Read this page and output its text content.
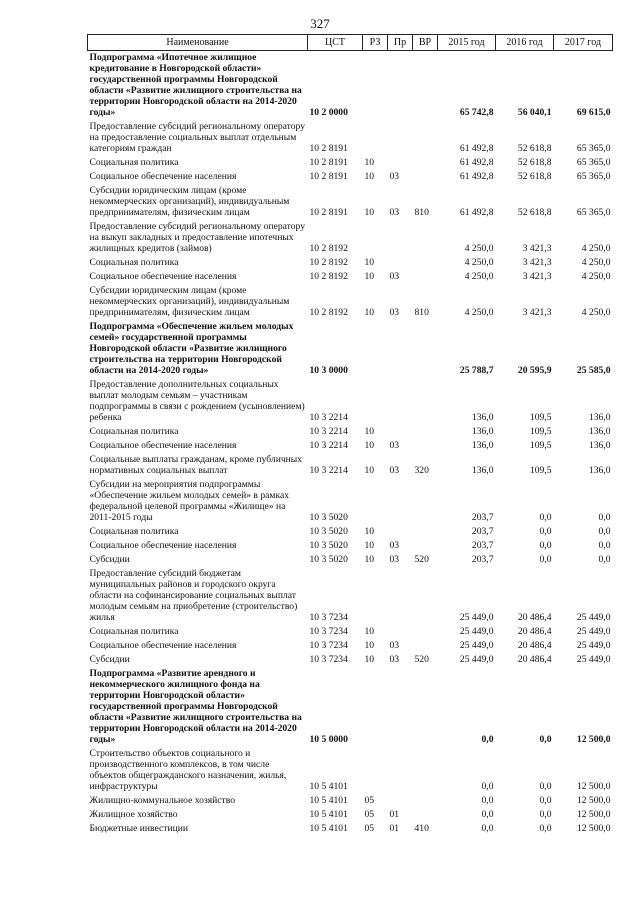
327
Наименование	ЦСТ	РЗ	Пр	ВР	2015 год	2016 год	2017 год
Подпрограмма «Ипотечное жилищное кредитование в Новгородской области» государственной программы Новгородской области «Развитие жилищного строительства на территории Новгородской области на 2014-2020 годы»	10 2 0000				65 742,8	56 040,1	69 615,0
Предоставление субсидий региональному оператору на предоставление социальных выплат отдельным категориям граждан	10 2 8191				61 492,8	52 618,8	65 365,0
Социальная политика	10 2 8191	10			61 492,8	52 618,8	65 365,0
Социальное обеспечение населения	10 2 8191	10	03		61 492,8	52 618,8	65 365,0
Субсидии юридическим лицам (кроме некоммерческих организаций), индивидуальным предпринимателям, физическим лицам	10 2 8191	10	03	810	61 492,8	52 618,8	65 365,0
Предоставление субсидий региональному оператору на выкуп закладных и предоставление ипотечных жилищных кредитов (займов)	10 2 8192				4 250,0	3 421,3	4 250,0
Социальная политика	10 2 8192	10			4 250,0	3 421,3	4 250,0
Социальное обеспечение населения	10 2 8192	10	03		4 250,0	3 421,3	4 250,0
Субсидии юридическим лицам (кроме некоммерческих организаций), индивидуальным предпринимателям, физическим лицам	10 2 8192	10	03	810	4 250,0	3 421,3	4 250,0
Подпрограмма «Обеспечение жильем молодых семей» государственной программы Новгородской области «Развитие жилищного строительства на территории Новгородской области на 2014-2020 годы»	10 3 0000				25 788,7	20 595,9	25 585,0
Предоставление дополнительных социальных выплат молодым семьям – участникам подпрограммы в связи с рождением (усыновлением) ребенка	10 3 2214				136,0	109,5	136,0
Социальная политика	10 3 2214	10			136,0	109,5	136,0
Социальное обеспечение населения	10 3 2214	10	03		136,0	109,5	136,0
Социальные выплаты гражданам, кроме публичных нормативных социальных выплат	10 3 2214	10	03	320	136,0	109,5	136,0
Субсидии на мероприятия подпрограммы «Обеспечение жильем молодых семей» в рамках федеральной целевой программы «Жилище» на 2011-2015 годы	10 3 5020				203,7	0,0	0,0
Социальная политика	10 3 5020	10			203,7	0,0	0,0
Социальное обеспечение населения	10 3 5020	10	03		203,7	0,0	0,0
Субсидии	10 3 5020	10	03	520	203,7	0,0	0,0
Предоставление субсидий бюджетам муниципальных районов и городского округа области на софинансирование социальных выплат молодым семьям на приобретение (строительство) жилья	10 3 7234				25 449,0	20 486,4	25 449,0
Социальная политика	10 3 7234	10			25 449,0	20 486,4	25 449,0
Социальное обеспечение населения	10 3 7234	10	03		25 449,0	20 486,4	25 449,0
Субсидии	10 3 7234	10	03	520	25 449,0	20 486,4	25 449,0
Подпрограмма «Развитие арендного и некоммерческого жилищного фонда на территории Новгородской области» государственной программы Новгородской области «Развитие жилищного строительства на территории Новгородской области на 2014-2020 годы»	10 5 0000				0,0	0,0	12 500,0
Строительство объектов социального и производственного комплексов, в том числе объектов общегражданского назначения, жилья, инфраструктуры	10 5 4101				0,0	0,0	12 500,0
Жилищно-коммунальное хозяйство	10 5 4101	05			0,0	0,0	12 500,0
Жилищное хозяйство	10 5 4101	05	01		0,0	0,0	12 500,0
Бюджетные инвестиции	10 5 4101	05	01	410	0,0	0,0	12 500,0
